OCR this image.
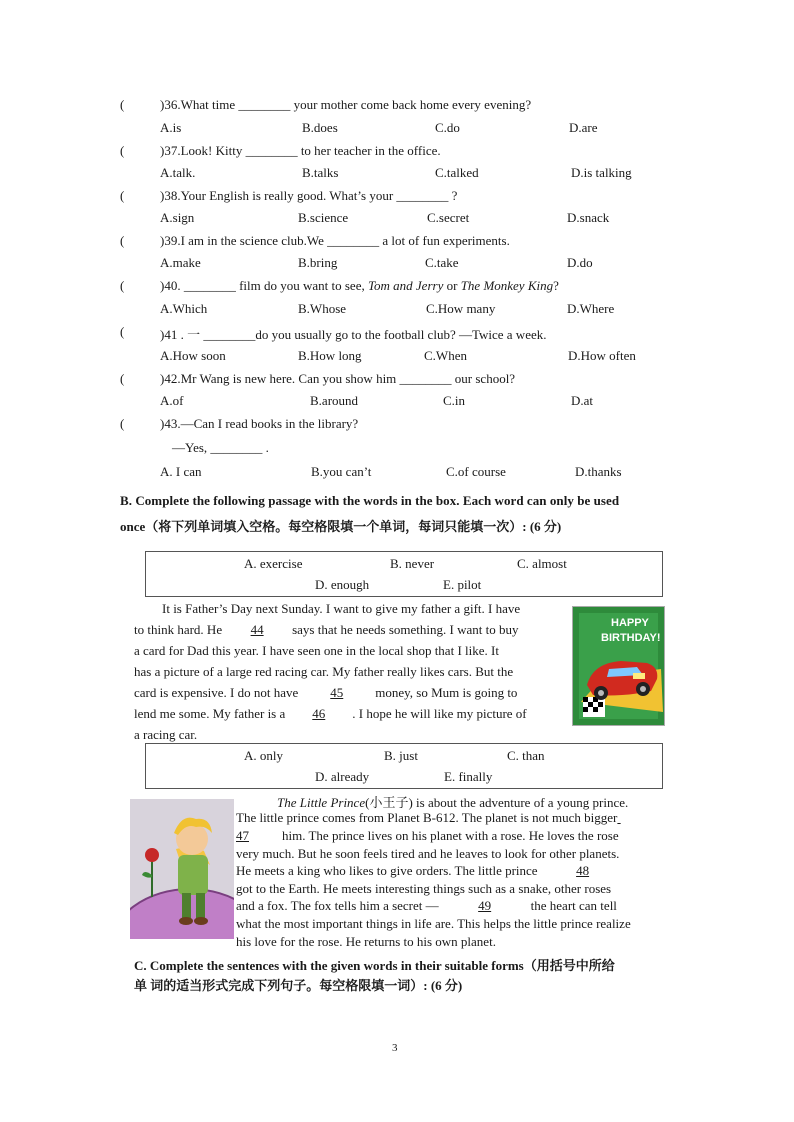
(	)36.What time ________ your mother come back home every evening?
A.is	B.does	C.do	D.are
(	)37.Look! Kitty ________ to her teacher in the office.
A.talk.	B.talks	C.talked	D.is talking
(	)38.Your English is really good. What’s your ________ ?
A.sign	B.science	C.secret	D.snack
(	)39.I am in the science club.We ________ a lot of fun experiments.
A.make	B.bring	C.take	D.do
(	)40. ________ film do you want to see, Tom and Jerry or The Monkey King?
A.Which	B.Whose	C.How many	D.Where
(	)41 . 一 ________do you usually go to the football club? —Twice a week.
A.How soon	B.How long	C.When	D.How often
(	)42.Mr Wang is new here. Can you show him ________ our school?
A.of	B.around	C.in	D.at
(	)43.—Can I read books in the library?
—Yes, ________ .
A. I can	B.you can’t	C.of course	D.thanks
B. Complete the following passage with the words in the box. Each word can only be used
once（将下列单词填入空格。每空格限填一个单词，每词只能填一次）: (6 分)
A. exercise	B. never	C. almost
D. enough	E. pilot
It is Father’s Day next Sunday. I want to give my father a gift. I have
to think hard. He 44 says that he needs something. I want to buy
a card for Dad this year. I have seen one in the local shop that I like. It
has a picture of a large red racing car. My father really likes cars. But the
card is expensive. I do not have 45 money, so Mum is going to
lend me some. My father is a 46 . I hope he will like my picture of
a racing car.
HAPPY
BIRTHDAY!
A. only	B. just	C. than
D. already	E. finally
The Little Prince(小王子) is about the adventure of a young prince.
The little prince comes from Planet B-612. The planet is not much bigger
47	him. The prince lives on his planet with a rose. He loves the rose
very much. But he soon feels tired and he leaves to look for other planets.
He meets a king who likes to give orders. The little prince	48
got to the Earth. He meets interesting things such as a snake, other roses
and a fox. The fox tells him a secret —	49	the heart can tell
what the most important things in life are. This helps the little prince realize
his love for the rose. He returns to his own planet.
C. Complete the sentences with the given words in their suitable forms（用括号中所给
单 词的适当形式完成下列句子。每空格限填一词）: (6 分)
3
